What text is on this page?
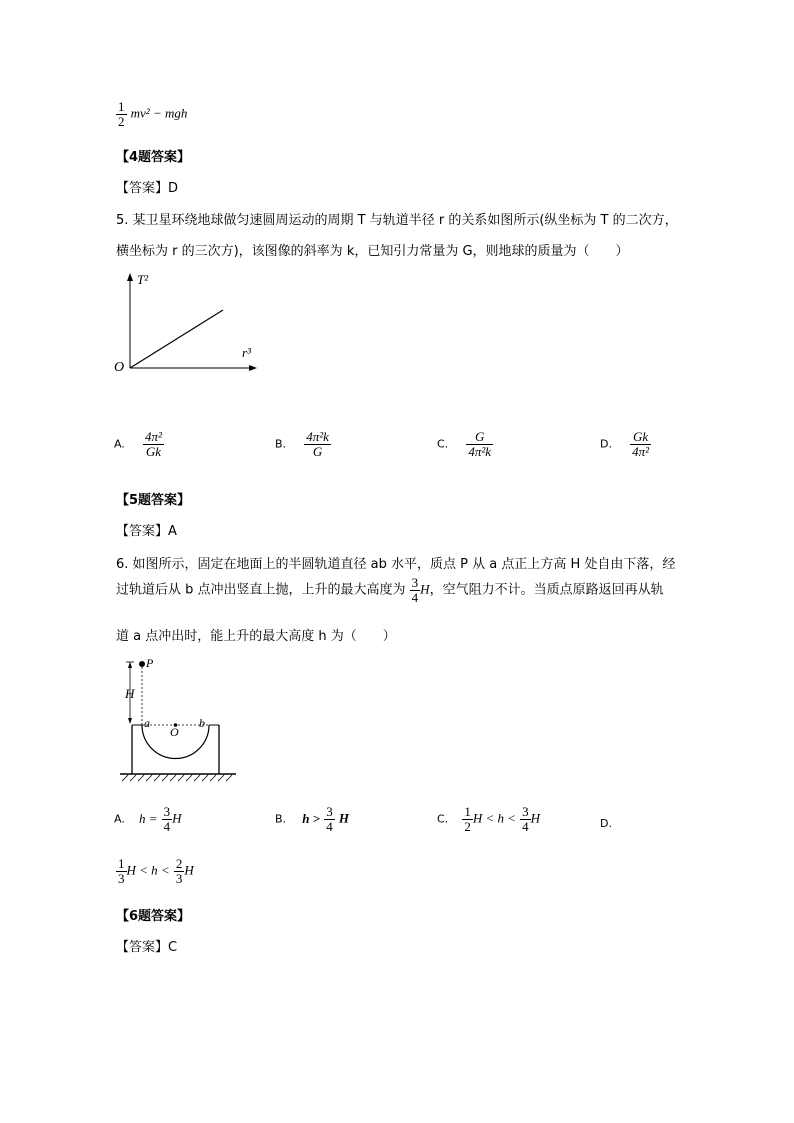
$\frac{1}{2} mv^2$ − mgh
【4题答案】
【答案】D
5. 某卫星环绕地球做匀速圆周运动的周期 T 与轨道半径 r 的关系如图所示(纵坐标为 T 的二次方，
横坐标为 r 的三次方)，该图像的斜率为 k，已知引力常量为 G，则地球的质量为（　　）
T²
r³
O
A. $\frac{\text{4π²}}{Gk}$	B. $\frac{\text{4π²k}}{G}$	C. $\frac{G}{\text{4π²k}}$	D. $\frac{Gk}{\text{4π²}}$
【5题答案】
【答案】A
6. 如图所示，固定在地面上的半圆轨道直径 ab 水平，质点 P 从 a 点正上方高 H 处自由下落，经
过轨道后从 b 点冲出竖直上抛，上升的最大高度为 $\frac{3}{4}$ H，空气阻力不计。当质点原路返回再从轨
道 a 点冲出时，能上升的最大高度 h 为（　　）
P
H
a
O
b
A. $h = \frac{3}{4}$ H	B. $h > \frac{3}{4}$ H	C. $\frac{1}{2}$ $H < h < \frac{3}{4}$ H	D.
$\frac{1}{3}$ $H < h < \frac{2}{3}$ H
【6题答案】
【答案】C
